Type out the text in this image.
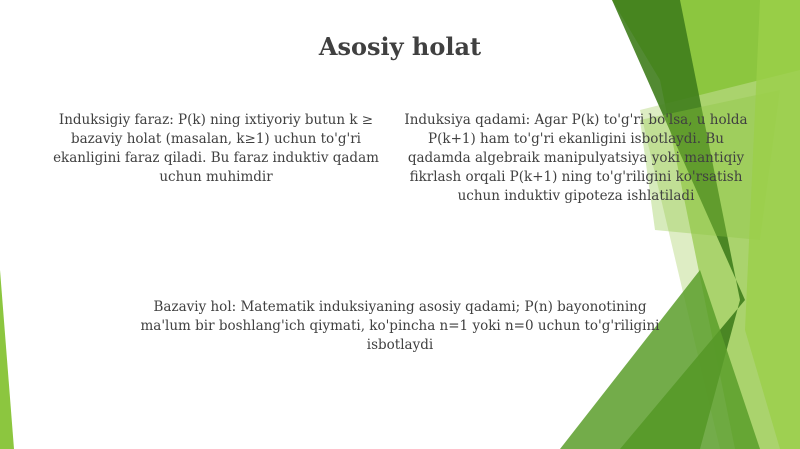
Asosiy holat

Induksigiy faraz: P(k) ning ixtiyoriy butun k ≥ bazaviy holat (masalan, k≥1) uchun to'g'ri ekanligini faraz qiladi. Bu faraz induktiv qadam uchun muhimdir

Induksiya qadami: Agar P(k) to'g'ri bo'lsa, u holda P(k+1) ham to'g'ri ekanligini isbotlaydi. Bu qadamda algebraik manipulyatsiya yoki mantiqiy fikrlash orqali P(k+1) ning to'g'riligini ko'rsatish uchun induktiv gipoteza ishlatiladi

Bazaviy hol: Matematik induksiyaning asosiy qadami; P(n) bayonotining ma'lum bir boshlang'ich qiymati, ko'pincha n=1 yoki n=0 uchun to'g'riligini isbotlaydi
